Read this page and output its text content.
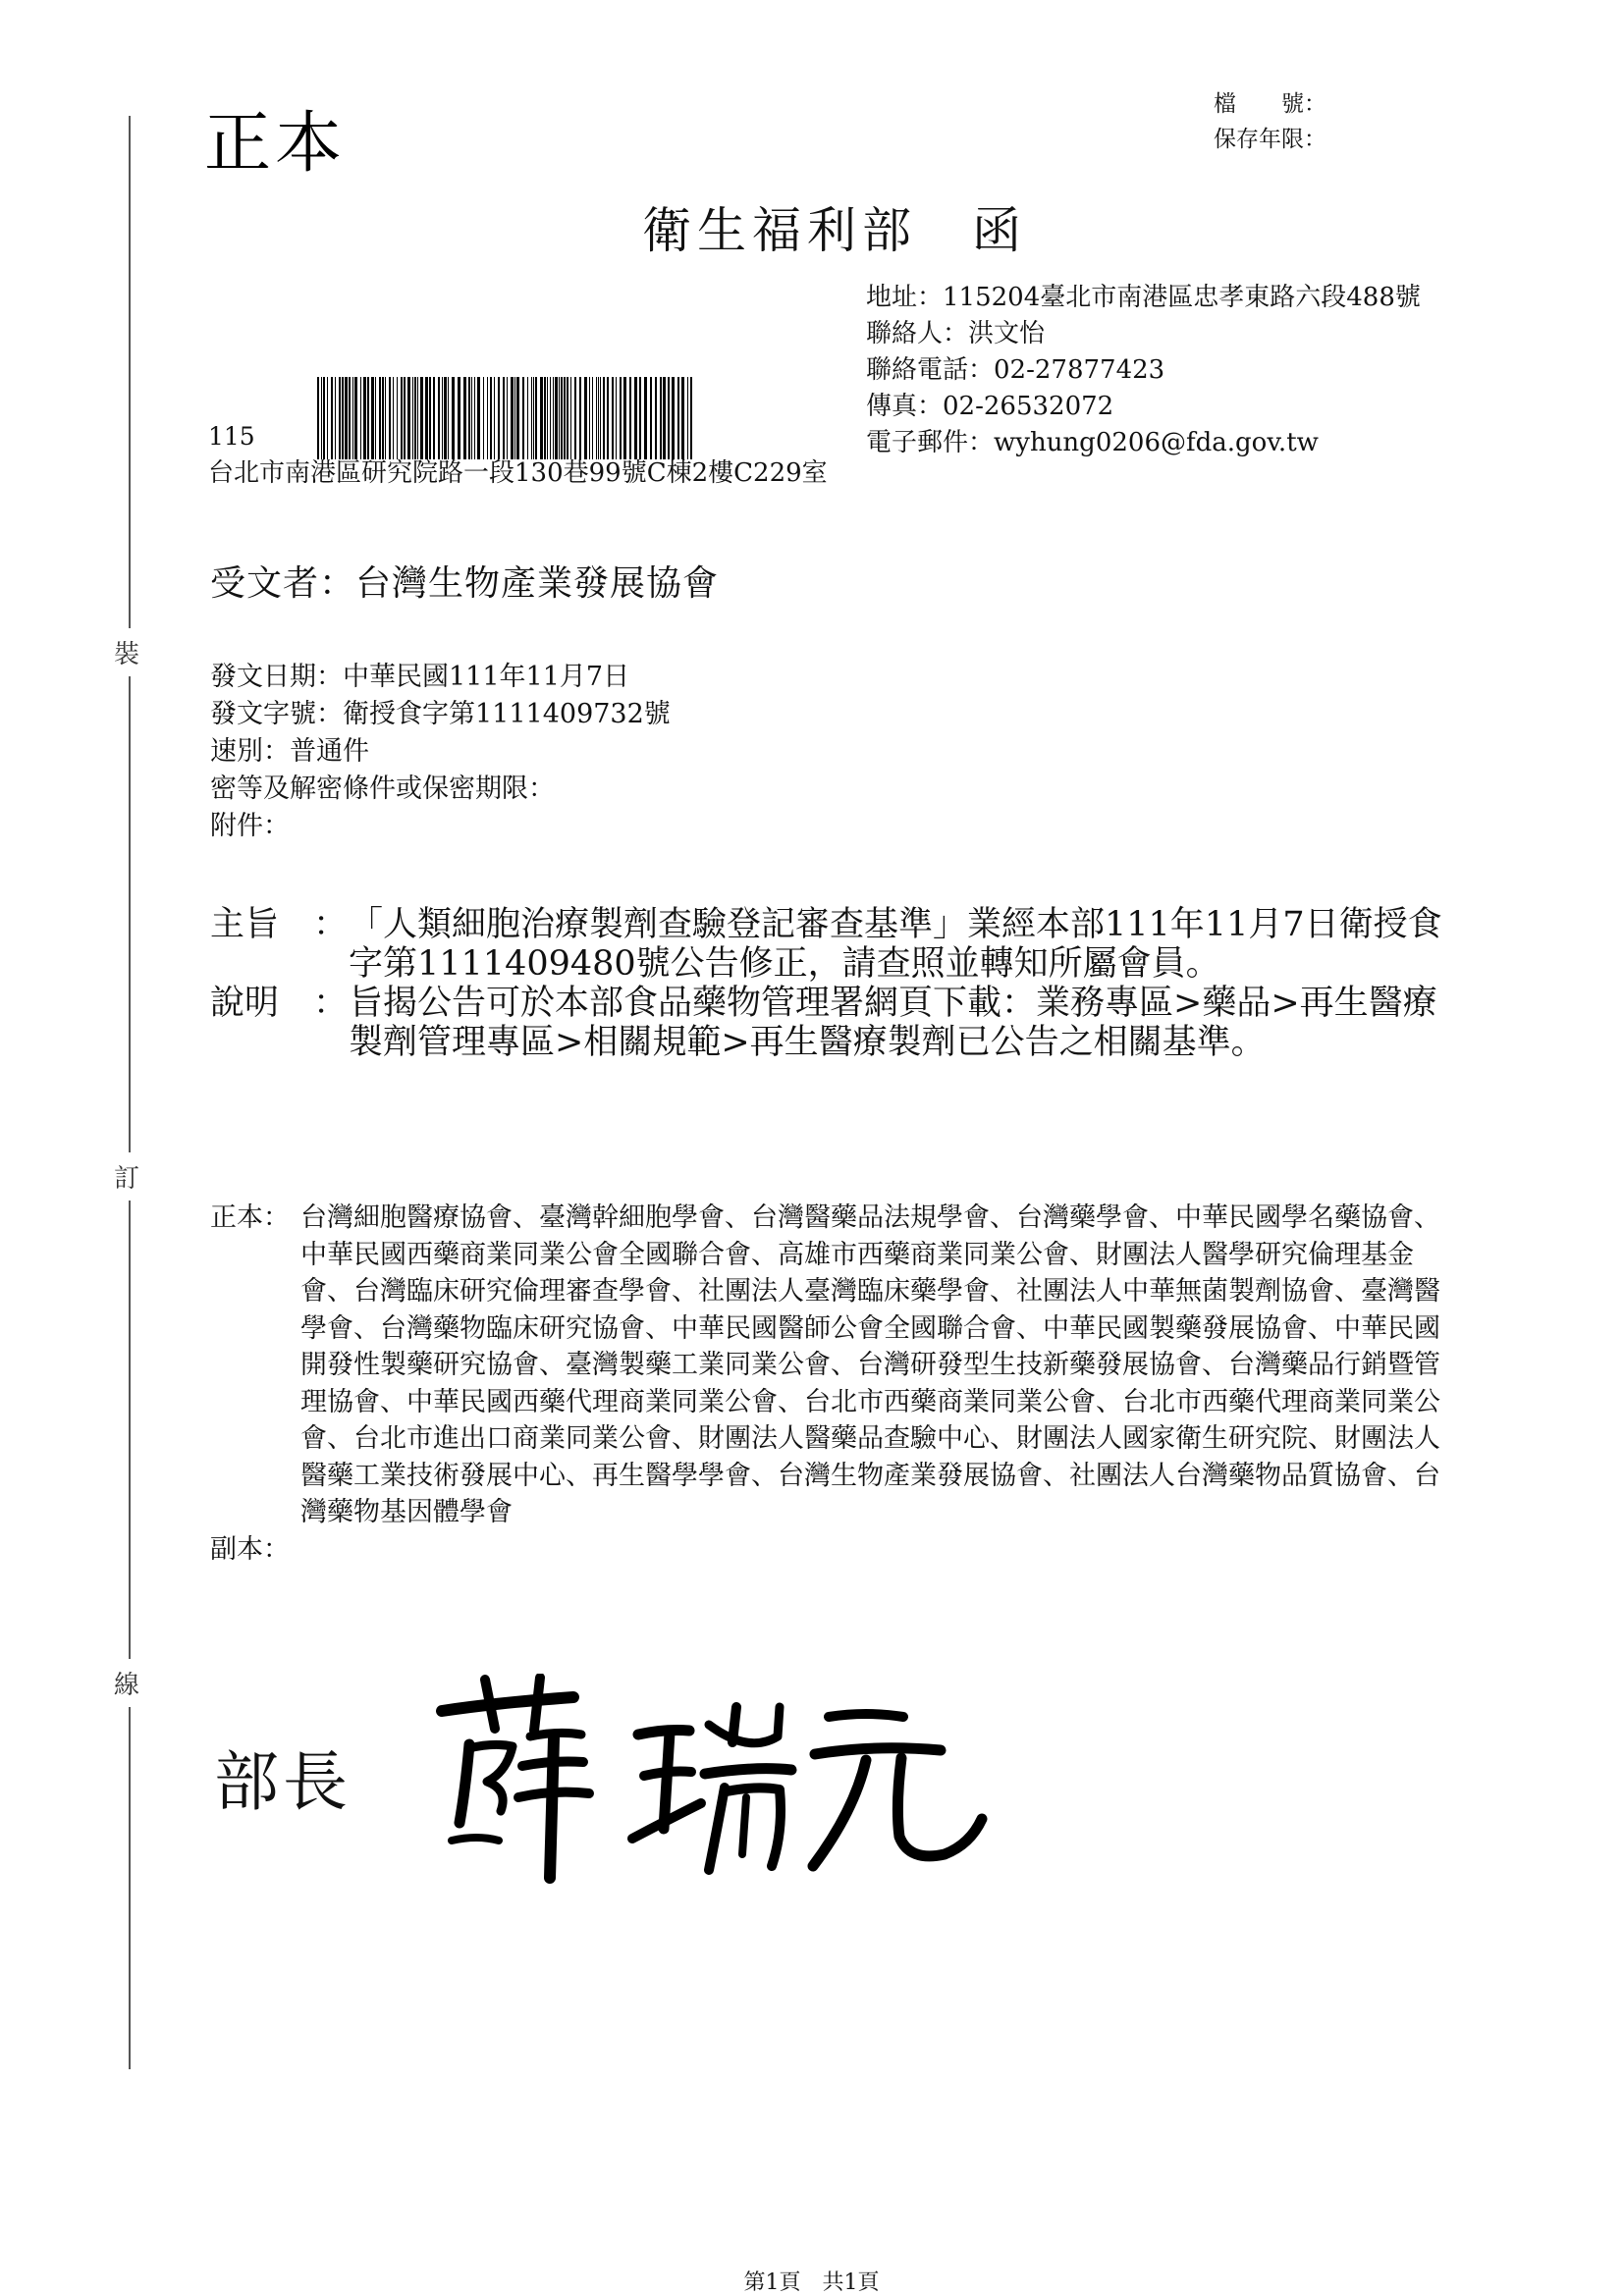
裝
訂
線
正本
檔　　號：
保存年限：
衛生福利部　函
地址：115204臺北市南港區忠孝東路六段488號
聯絡人：洪文怡
聯絡電話：02-27877423
傳真：02-26532072
電子郵件：wyhung0206@fda.gov.tw
115
台北市南港區研究院路一段130巷99號C棟2樓C229室
受文者：台灣生物產業發展協會
發文日期：中華民國111年11月7日
發文字號：衛授食字第1111409732號
速別：普通件
密等及解密條件或保密期限：
附件：
主旨 ： 「人類細胞治療製劑查驗登記審查基準」業經本部111年11月7日衛授食字第1111409480號公告修正，請查照並轉知所屬會員。
說明 ： 旨揭公告可於本部食品藥物管理署網頁下載：業務專區>藥品>再生醫療製劑管理專區>相關規範>再生醫療製劑已公告之相關基準。
正本： 台灣細胞醫療協會、臺灣幹細胞學會、台灣醫藥品法規學會、台灣藥學會、中華民國學名藥協會、中華民國西藥商業同業公會全國聯合會、高雄市西藥商業同業公會、財團法人醫學研究倫理基金會、台灣臨床研究倫理審查學會、社團法人臺灣臨床藥學會、社團法人中華無菌製劑協會、臺灣醫學會、台灣藥物臨床研究協會、中華民國醫師公會全國聯合會、中華民國製藥發展協會、中華民國開發性製藥研究協會、臺灣製藥工業同業公會、台灣研發型生技新藥發展協會、台灣藥品行銷暨管理協會、中華民國西藥代理商業同業公會、台北市西藥商業同業公會、台北市西藥代理商業同業公會、台北市進出口商業同業公會、財團法人醫藥品查驗中心、財團法人國家衛生研究院、財團法人醫藥工業技術發展中心、再生醫學學會、台灣生物產業發展協會、社團法人台灣藥物品質協會、台灣藥物基因體學會
副本：
部長
第1頁　共1頁
